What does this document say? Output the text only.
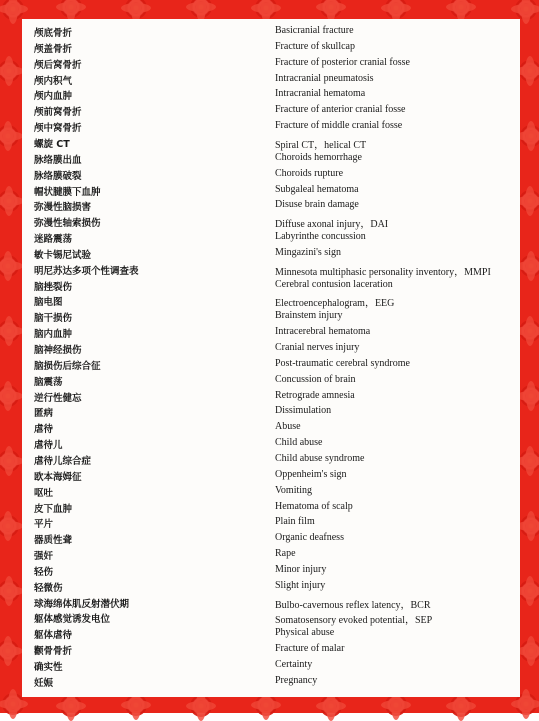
颅底骨折	Basicranial fracture
颅盖骨折	Fracture of skullcap
颅后窝骨折	Fracture of posterior cranial fosse
颅内积气	Intracranial pneumatosis
颅内血肿	Intracranial hematoma
颅前窝骨折	Fracture of anterior cranial fosse
颅中窝骨折	Fracture of middle cranial fosse
螺旋 CT	Spiral CT，helical CT
脉络膜出血	Choroids hemorrhage
脉络膜破裂	Choroids rupture
帽状腱膜下血肿	Subgaleal hematoma
弥漫性脑损害	Disuse brain damage
弥漫性轴索损伤	Diffuse axonal injury，DAI
迷路震荡	Labyrinthe concussion
敏卡锡尼试验	Mingazini's sign
明尼苏达多项个性调查表	Minnesota multiphasic personality inventory，MMPI
脑挫裂伤	Cerebral contusion laceration
脑电图	Electroencephalogram，EEG
脑干损伤	Brainstem injury
脑内血肿	Intracerebral hematoma
脑神经损伤	Cranial nerves injury
脑损伤后综合征	Post-traumatic cerebral syndrome
脑震荡	Concussion of brain
逆行性健忘	Retrograde amnesia
匿病	Dissimulation
虐待	Abuse
虐待儿	Child abuse
虐待儿综合症	Child abuse syndrome
欧本海姆征	Oppenheim's sign
呕吐	Vomiting
皮下血肿	Hematoma of scalp
平片	Plain film
器质性聋	Organic deafness
强奸	Rape
轻伤	Minor injury
轻微伤	Slight injury
球海绵体肌反射潜伏期	Bulbo-cavernous reflex latency，BCR
躯体感觉诱发电位	Somatosensory evoked potential，SEP
躯体虐待	Physical abuse
颧骨骨折	Fracture of malar
确实性	Certainty
妊娠	Pregnancy
